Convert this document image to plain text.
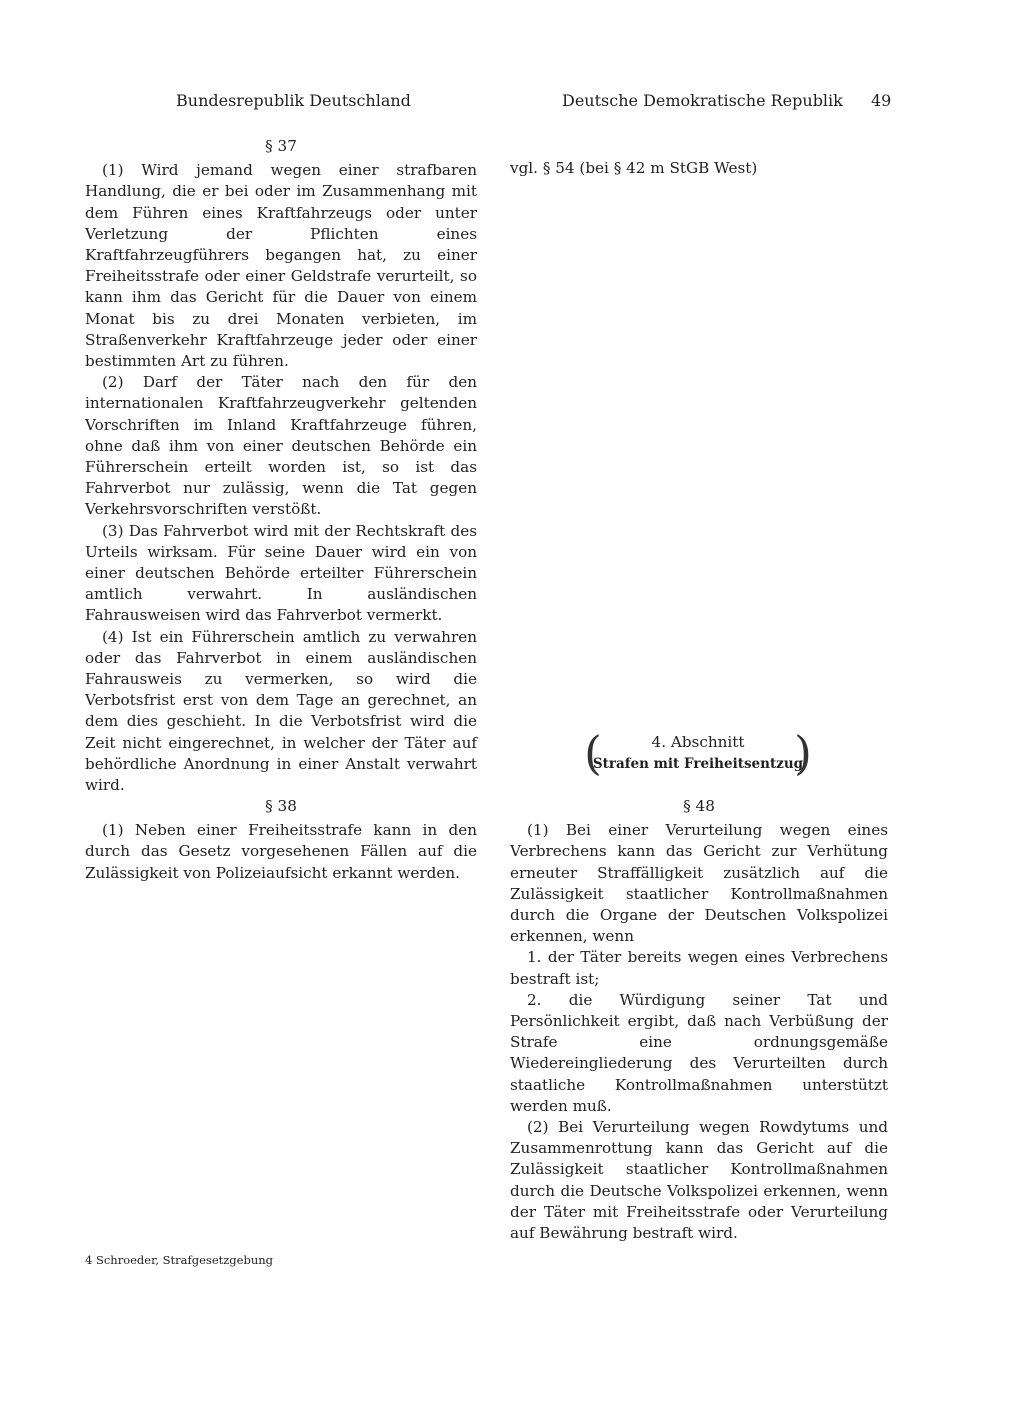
Bundesrepublik Deutschland	Deutsche Demokratische Republik 49

§ 37

(1) Wird jemand wegen einer strafbaren Handlung, die er bei oder im Zusammenhang mit dem Führen eines Kraftfahrzeugs oder unter Verletzung der Pflichten eines Kraftfahrzeugführers begangen hat, zu einer Freiheitsstrafe oder einer Geldstrafe verurteilt, so kann ihm das Gericht für die Dauer von einem Monat bis zu drei Monaten verbieten, im Straßenverkehr Kraftfahrzeuge jeder oder einer bestimmten Art zu führen.

(2) Darf der Täter nach den für den internationalen Kraftfahrzeugverkehr geltenden Vorschriften im Inland Kraftfahrzeuge führen, ohne daß ihm von einer deutschen Behörde ein Führerschein erteilt worden ist, so ist das Fahrverbot nur zulässig, wenn die Tat gegen Verkehrsvorschriften verstößt.

(3) Das Fahrverbot wird mit der Rechtskraft des Urteils wirksam. Für seine Dauer wird ein von einer deutschen Behörde erteilter Führerschein amtlich verwahrt. In ausländischen Fahrausweisen wird das Fahrverbot vermerkt.

(4) Ist ein Führerschein amtlich zu verwahren oder das Fahrverbot in einem ausländischen Fahrausweis zu vermerken, so wird die Verbotsfrist erst von dem Tage an gerechnet, an dem dies geschieht. In die Verbotsfrist wird die Zeit nicht eingerechnet, in welcher der Täter auf behördliche Anordnung in einer Anstalt verwahrt wird.

§ 38

(1) Neben einer Freiheitsstrafe kann in den durch das Gesetz vorgesehenen Fällen auf die Zulässigkeit von Polizeiaufsicht erkannt werden.

vgl. § 54 (bei § 42 m StGB West)
(	4. Abschnitt
Strafen mit Freiheitsentzug
)

§ 48

(1) Bei einer Verurteilung wegen eines Verbrechens kann das Gericht zur Verhütung erneuter Straffälligkeit zusätzlich auf die Zulässigkeit staatlicher Kontrollmaßnahmen durch die Organe der Deutschen Volkspolizei erkennen, wenn

1. der Täter bereits wegen eines Verbrechens bestraft ist;

2. die Würdigung seiner Tat und Persönlichkeit ergibt, daß nach Verbüßung der Strafe eine ordnungsgemäße Wiedereingliederung des Verurteilten durch staatliche Kontrollmaßnahmen unterstützt werden muß.

(2) Bei Verurteilung wegen Rowdytums und Zusammenrottung kann das Gericht auf die Zulässigkeit staatlicher Kontrollmaßnahmen durch die Deutsche Volkspolizei erkennen, wenn der Täter mit Freiheitsstrafe oder Verurteilung auf Bewährung bestraft wird.

4 Schroeder, Strafgesetzgebung
